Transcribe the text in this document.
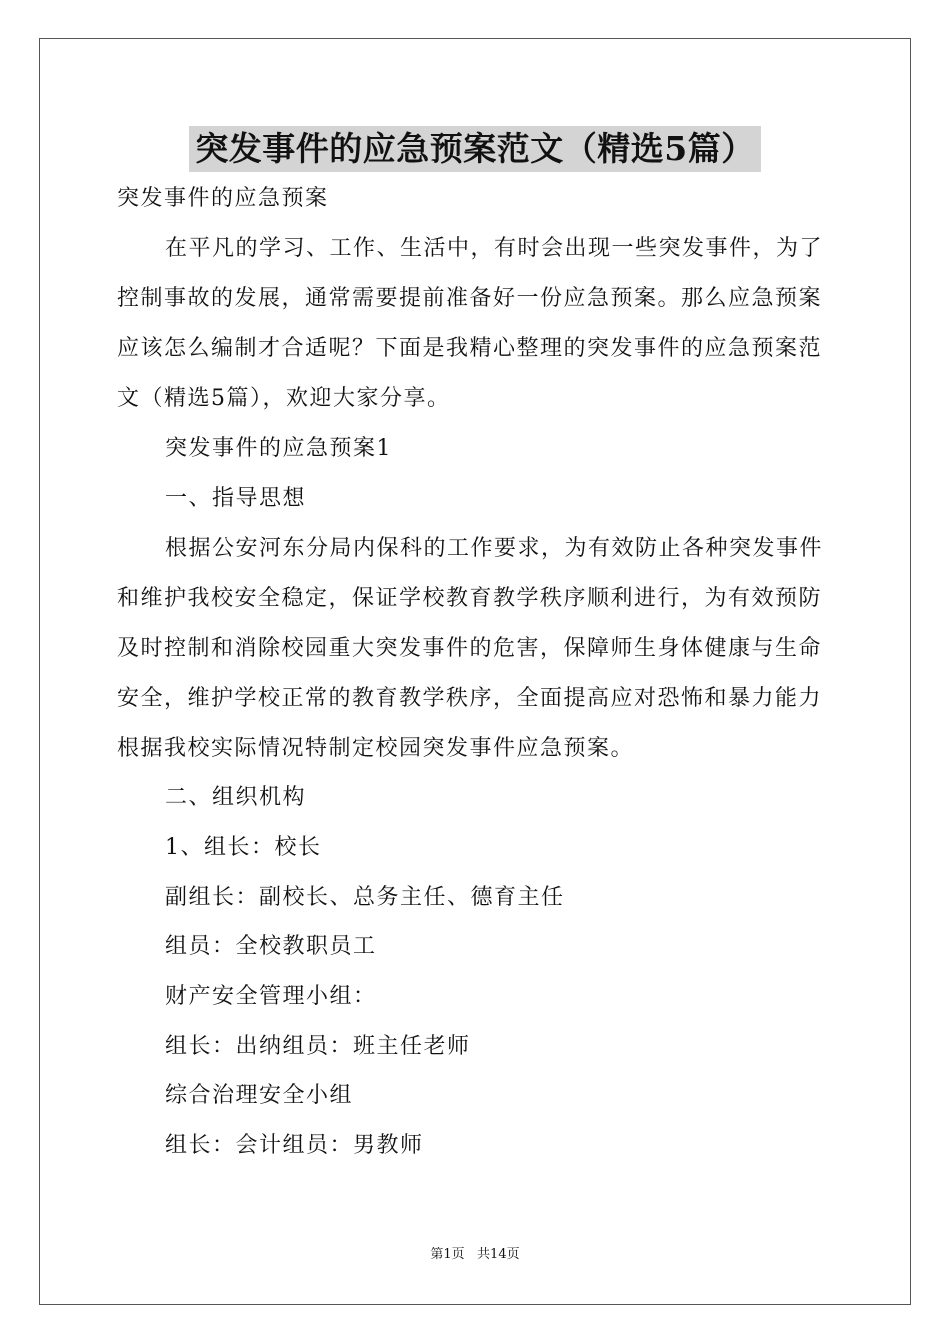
突发事件的应急预案范文（精选5篇）
突发事件的应急预案
在平凡的学习、工作、生活中，有时会出现一些突发事件，为了
控制事故的发展，通常需要提前准备好一份应急预案。那么应急预案
应该怎么编制才合适呢？下面是我精心整理的突发事件的应急预案范
文（精选5篇），欢迎大家分享。
突发事件的应急预案1
一、指导思想
根据公安河东分局内保科的工作要求，为有效防止各种突发事件
和维护我校安全稳定，保证学校教育教学秩序顺利进行，为有效预防
及时控制和消除校园重大突发事件的危害，保障师生身体健康与生命
安全，维护学校正常的教育教学秩序，全面提高应对恐怖和暴力能力
根据我校实际情况特制定校园突发事件应急预案。
二、组织机构
1、组长：校长
副组长：副校长、总务主任、德育主任
组员：全校教职员工
财产安全管理小组：
组长：出纳组员：班主任老师
综合治理安全小组
组长：会计组员：男教师
第1页   共14页
